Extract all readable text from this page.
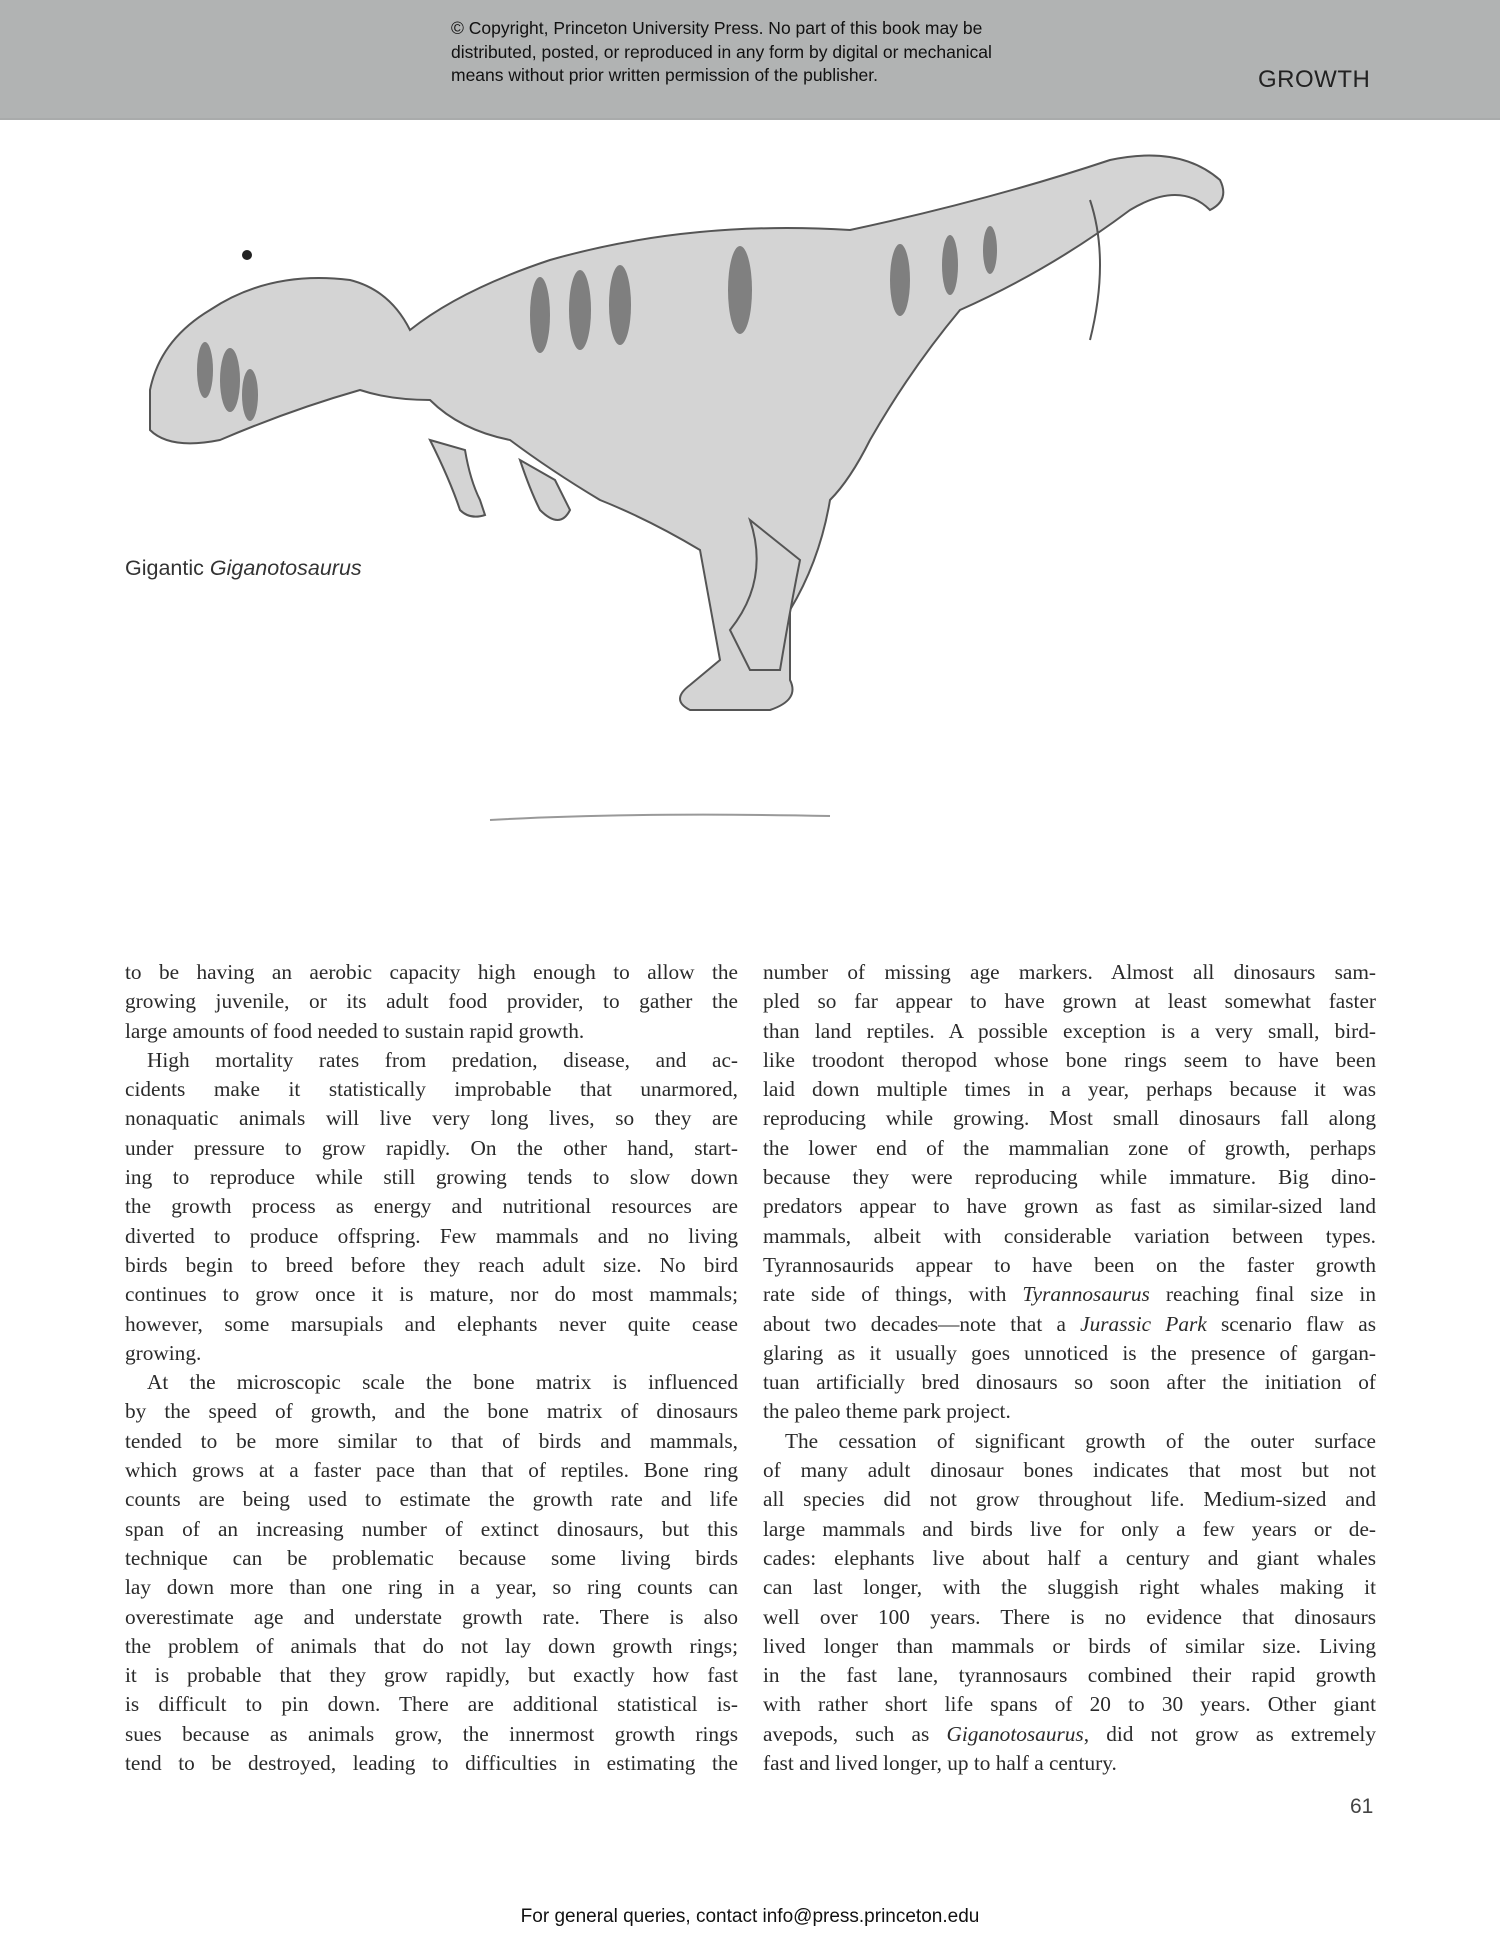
© Copyright, Princeton University Press. No part of this book may be
distributed, posted, or reproduced in any form by digital or mechanical
means without prior written permission of the publisher.	GROWTH
Gigantic Giganotosaurus
to be having an aerobic capacity high enough to allow the
growing juvenile, or its adult food provider, to gather the
large amounts of food needed to sustain rapid growth.
High mortality rates from predation, disease, and ac-
cidents make it statistically improbable that unarmored,
nonaquatic animals will live very long lives, so they are
under pressure to grow rapidly. On the other hand, start-
ing to reproduce while still growing tends to slow down
the growth process as energy and nutritional resources are
diverted to produce offspring. Few mammals and no living
birds begin to breed before they reach adult size. No bird
continues to grow once it is mature, nor do most mammals;
however, some marsupials and elephants never quite cease
growing.
At the microscopic scale the bone matrix is influenced
by the speed of growth, and the bone matrix of dinosaurs
tended to be more similar to that of birds and mammals,
which grows at a faster pace than that of reptiles. Bone ring
counts are being used to estimate the growth rate and life
span of an increasing number of extinct dinosaurs, but this
technique can be problematic because some living birds
lay down more than one ring in a year, so ring counts can
overestimate age and understate growth rate. There is also
the problem of animals that do not lay down growth rings;
it is probable that they grow rapidly, but exactly how fast
is difficult to pin down. There are additional statistical is-
sues because as animals grow, the innermost growth rings
tend to be destroyed, leading to difficulties in estimating the
number of missing age markers. Almost all dinosaurs sam-
pled so far appear to have grown at least somewhat faster
than land reptiles. A possible exception is a very small, bird-
like troodont theropod whose bone rings seem to have been
laid down multiple times in a year, perhaps because it was
reproducing while growing. Most small dinosaurs fall along
the lower end of the mammalian zone of growth, perhaps
because they were reproducing while immature. Big dino-
predators appear to have grown as fast as similar-sized land
mammals, albeit with considerable variation between types.
Tyrannosaurids appear to have been on the faster growth
rate side of things, with Tyrannosaurus reaching final size in
about two decades—note that a Jurassic Park scenario flaw as
glaring as it usually goes unnoticed is the presence of gargan-
tuan artificially bred dinosaurs so soon after the initiation of
the paleo theme park project.
The cessation of significant growth of the outer surface
of many adult dinosaur bones indicates that most but not
all species did not grow throughout life. Medium-sized and
large mammals and birds live for only a few years or de-
cades: elephants live about half a century and giant whales
can last longer, with the sluggish right whales making it
well over 100 years. There is no evidence that dinosaurs
lived longer than mammals or birds of similar size. Living
in the fast lane, tyrannosaurs combined their rapid growth
with rather short life spans of 20 to 30 years. Other giant
avepods, such as Giganotosaurus, did not grow as extremely
fast and lived longer, up to half a century.
61
For general queries, contact info@press.princeton.edu
